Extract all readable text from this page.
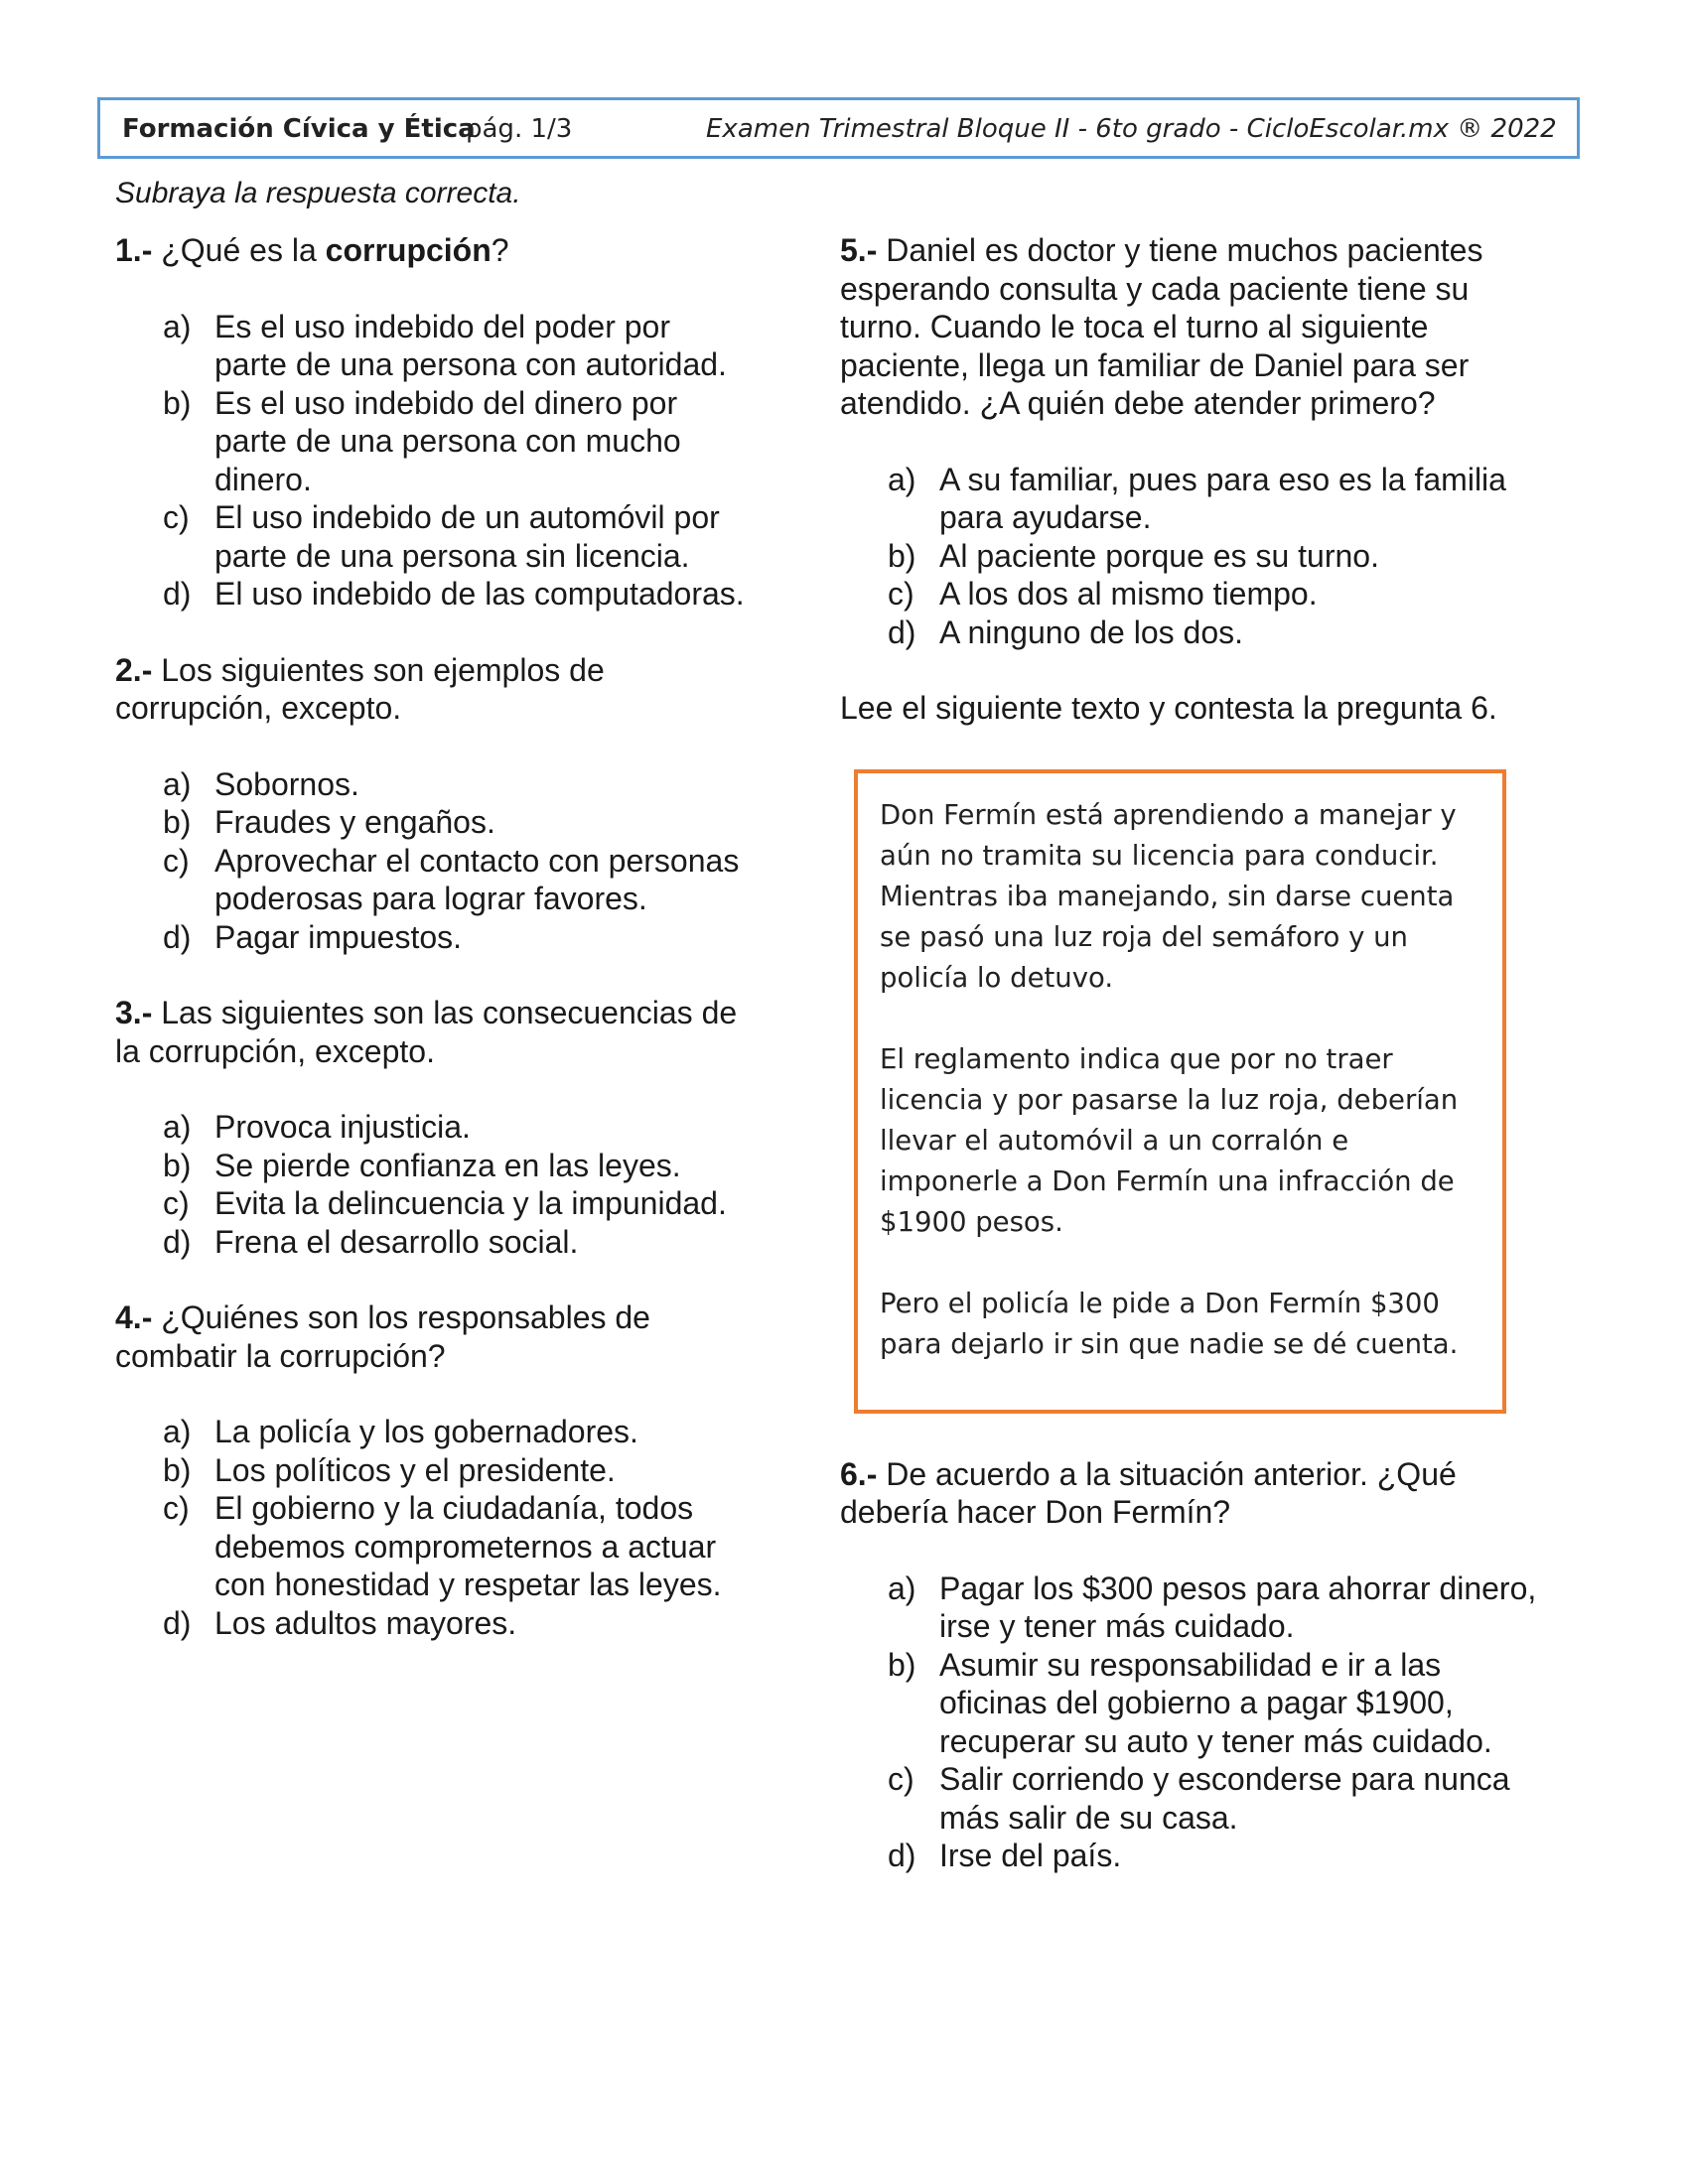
Formación Cívica y Ética
pág. 1/3	Examen Trimestral Bloque II - 6to grado - CicloEscolar.mx ® 2022
Subraya la respuesta correcta.

1.- ¿Qué es la corrupción?

a) Es el uso indebido del poder por parte de una persona con autoridad.
b) Es el uso indebido del dinero por parte de una persona con mucho dinero.
c) El uso indebido de un automóvil por parte de una persona sin licencia.
d) El uso indebido de las computadoras.

2.- Los siguientes son ejemplos de corrupción, excepto.

a) Sobornos.
b) Fraudes y engaños.
c) Aprovechar el contacto con personas poderosas para lograr favores.
d) Pagar impuestos.

3.- Las siguientes son las consecuencias de la corrupción, excepto.

a) Provoca injusticia.
b) Se pierde confianza en las leyes.
c) Evita la delincuencia y la impunidad.
d) Frena el desarrollo social.

4.- ¿Quiénes son los responsables de combatir la corrupción?

a) La policía y los gobernadores.
b) Los políticos y el presidente.
c) El gobierno y la ciudadanía, todos debemos comprometernos a actuar con honestidad y respetar las leyes.
d) Los adultos mayores.

5.- Daniel es doctor y tiene muchos pacientes esperando consulta y cada paciente tiene su turno. Cuando le toca el turno al siguiente paciente, llega un familiar de Daniel para ser atendido. ¿A quién debe atender primero?

a) A su familiar, pues para eso es la familia para ayudarse.
b) Al paciente porque es su turno.
c) A los dos al mismo tiempo.
d) A ninguno de los dos.

Lee el siguiente texto y contesta la pregunta 6.

Don Fermín está aprendiendo a manejar y aún no tramita su licencia para conducir. Mientras iba manejando, sin darse cuenta se pasó una luz roja del semáforo y un policía lo detuvo.

El reglamento indica que por no traer licencia y por pasarse la luz roja, deberían llevar el automóvil a un corralón e imponerle a Don Fermín una infracción de $1900 pesos.

Pero el policía le pide a Don Fermín $300 para dejarlo ir sin que nadie se dé cuenta.

6.- De acuerdo a la situación anterior. ¿Qué debería hacer Don Fermín?

a) Pagar los $300 pesos para ahorrar dinero, irse y tener más cuidado.
b) Asumir su responsabilidad e ir a las oficinas del gobierno a pagar $1900, recuperar su auto y tener más cuidado.
c) Salir corriendo y esconderse para nunca más salir de su casa.
d) Irse del país.
